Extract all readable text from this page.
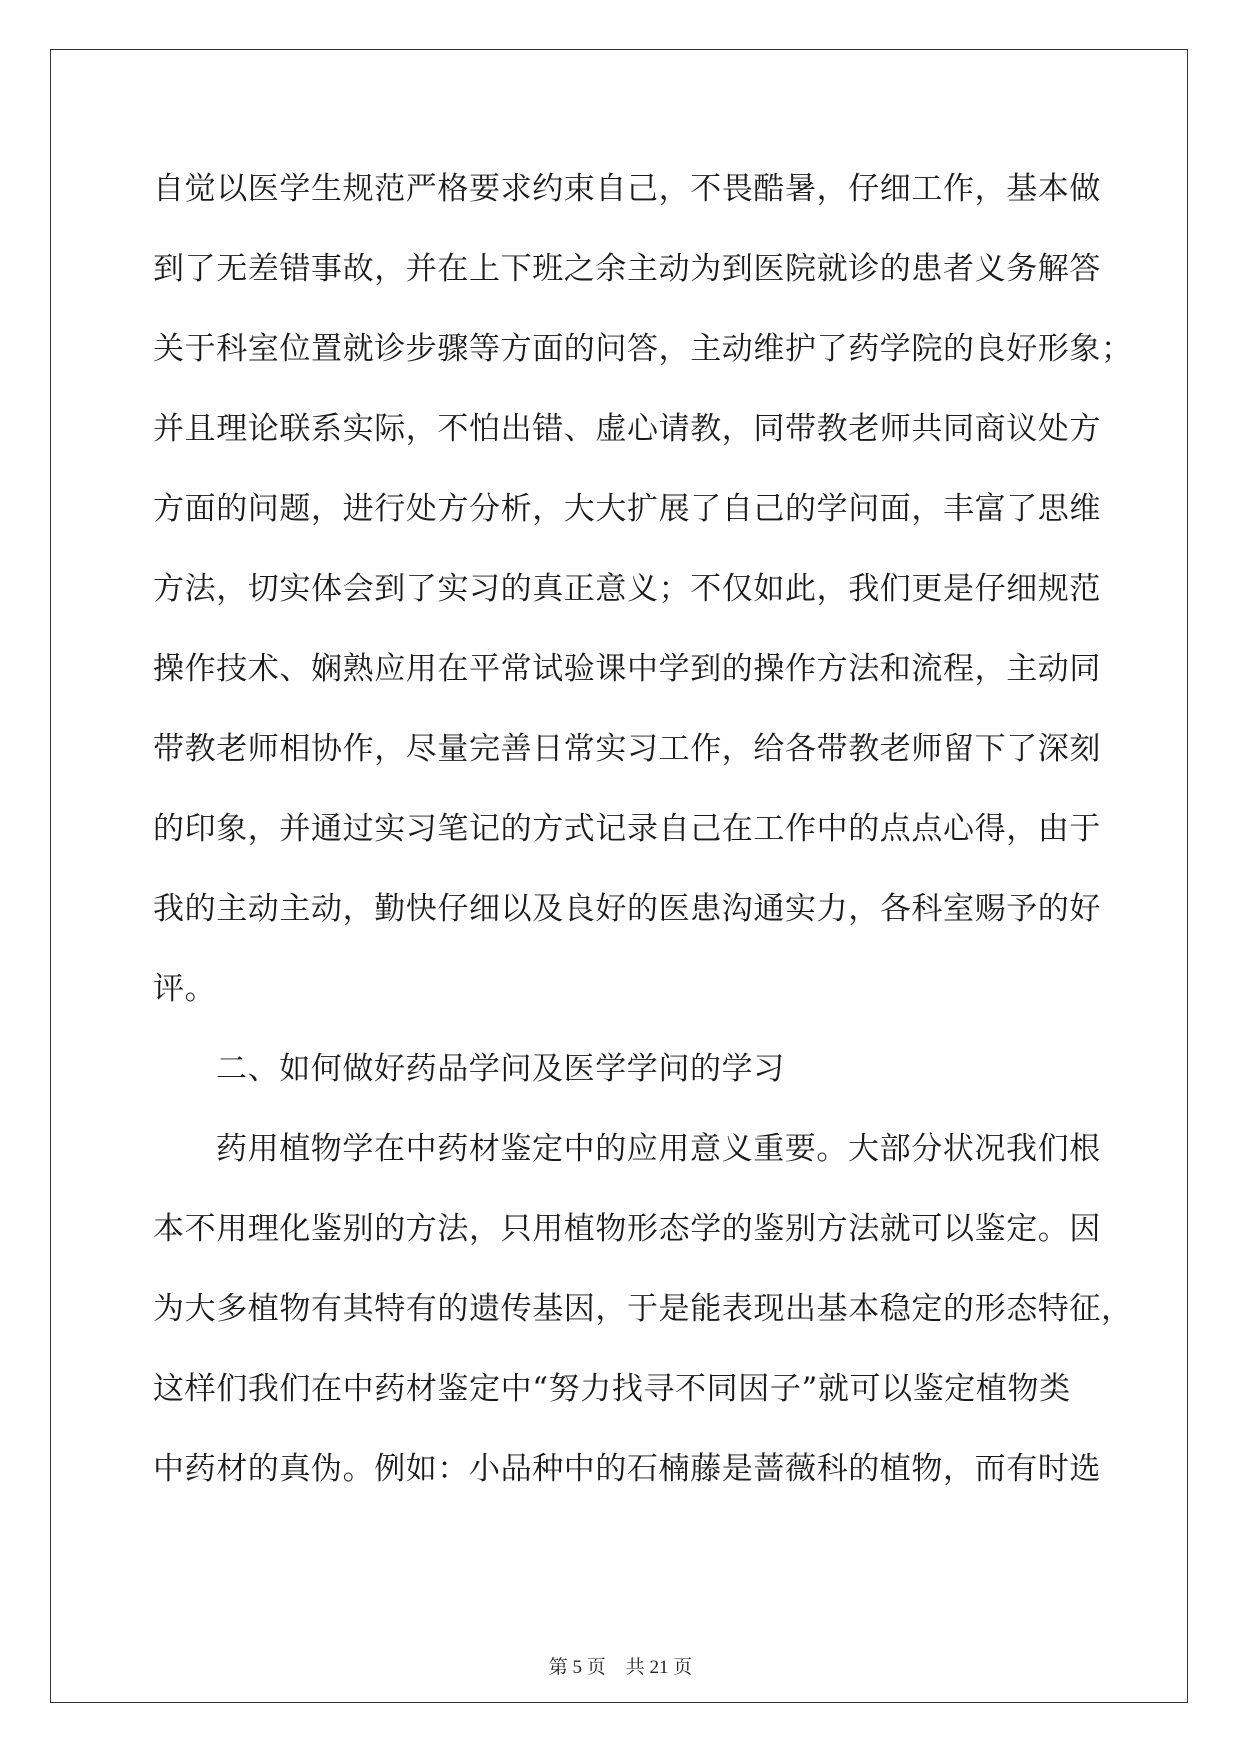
自觉以医学生规范严格要求约束自己，不畏酷暑，仔细工作，基本做
到了无差错事故，并在上下班之余主动为到医院就诊的患者义务解答
关于科室位置就诊步骤等方面的问答，主动维护了药学院的良好形象；
并且理论联系实际，不怕出错、虚心请教，同带教老师共同商议处方
方面的问题，进行处方分析，大大扩展了自己的学问面，丰富了思维
方法，切实体会到了实习的真正意义；不仅如此，我们更是仔细规范
操作技术、娴熟应用在平常试验课中学到的操作方法和流程，主动同
带教老师相协作，尽量完善日常实习工作，给各带教老师留下了深刻
的印象，并通过实习笔记的方式记录自己在工作中的点点心得，由于
我的主动主动，勤快仔细以及良好的医患沟通实力，各科室赐予的好
评。
二、如何做好药品学问及医学学问的学习
药用植物学在中药材鉴定中的应用意义重要。大部分状况我们根
本不用理化鉴别的方法，只用植物形态学的鉴别方法就可以鉴定。因
为大多植物有其特有的遗传基因，于是能表现出基本稳定的形态特征，
这样们我们在中药材鉴定中“努力找寻不同因子”就可以鉴定植物类
中药材的真伪。例如：小品种中的石楠藤是蔷薇科的植物，而有时选
第 5 页 共 21 页
